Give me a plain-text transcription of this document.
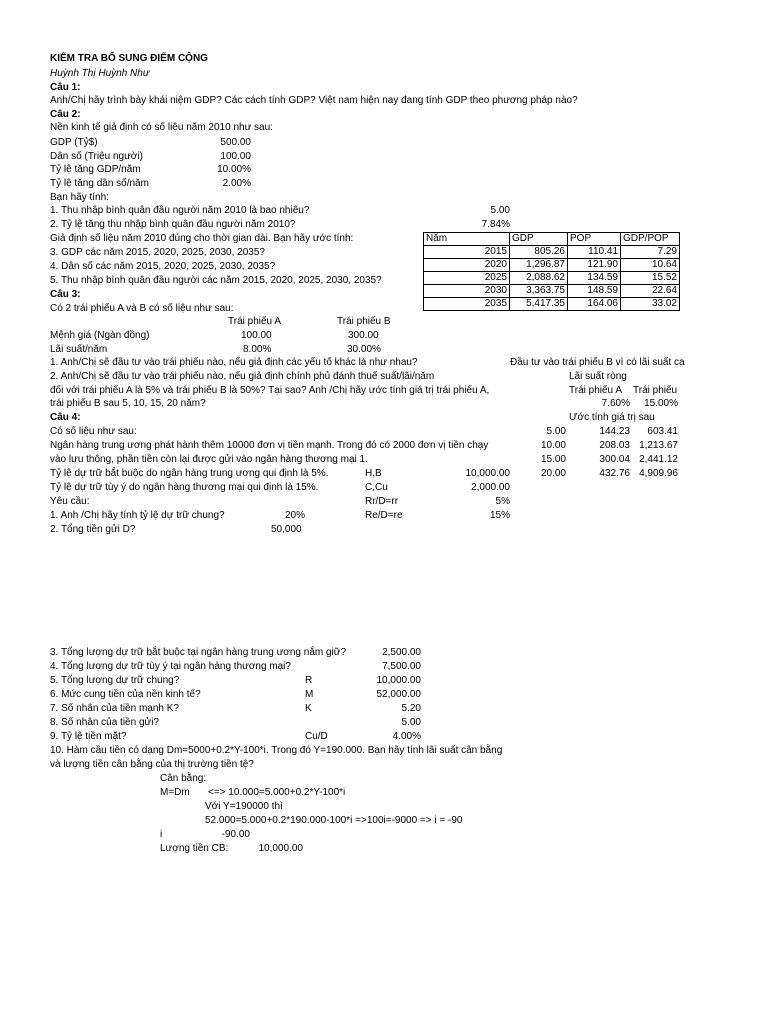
KIỂM TRA BỔ SUNG ĐIỂM CỘNG
Huỳnh Thị Huỳnh Như
Câu 1:
Anh/Chị hãy trình bày khái niệm GDP? Các cách tính GDP? Việt nam hiện nay đang tính GDP theo phương pháp nào?
Câu 2:
Nền kinh tế giả định có số liệu năm 2010 như sau:
GDP (Tỷ$)	500.00
Dân số (Triệu người)	100.00
Tỷ lệ tăng GDP/năm	10.00%
Tỷ lệ tăng dân số/năm	2.00%
Bạn hãy tính:
1. Thu nhập bình quân đầu người năm 2010 là bao nhiêu?	5.00
2. Tỷ lệ tăng thu nhập bình quân đầu người năm 2010?	7.84%
Giả định số liệu năm 2010 đúng cho thời gian dài. Bạn hãy ước tính:
3. GDP các năm 2015, 2020, 2025, 2030, 2035?
4. Dân số các năm 2015, 2020, 2025, 2030, 2035?
5. Thu nhập bình quân đầu người các năm 2015, 2020, 2025, 2030, 2035?
Năm	GDP	POP	GDP/POP
2015	805.26	110.41	7.29
2020	1,296.87	121.90	10.64
2025	2,088.62	134.59	15.52
2030	3,363.75	148.59	22.64
2035	5,417.35	164.06	33.02
Câu 3:
Có 2 trái phiếu A và B có số liệu như sau:
Trái phiếu A	Trái phiếu B
Mệnh giá (Ngàn đồng)	100.00	300.00
Lãi suất/năm	8.00%	30.00%
1. Anh/Chị sẽ đầu tư vào trái phiếu nào, nếu giả định các yếu tố khác là như nhau?	Đầu tư vào trái phiếu B vì có lãi suất ca
2. Anh/Chị sẽ đầu tư vào trái phiếu nào, nếu giả định chính phủ đánh thuế suất/lãi/năm	Lãi suất ròng
đối với trái phiếu A là 5% và trái phiếu B là 50%? Tại sao? Anh /Chị hãy ước tính giá trị trái phiếu A,	Trái phiếu A Trái phiếu
trái phiếu B sau 5, 10, 15, 20 năm?	7.60%	15.00%
Câu 4:	Ước tính giá trị sau
Có số liệu như sau:	5.00	144.23	603.41
10.00	208.03 1,213.67
15.00	300.04 2,441.12
20.00	432.76 4,909.96
Ngân hàng trung ương phát hành thêm 10000 đơn vị tiền mạnh. Trong đó có 2000 đơn vị tiền chạy
vào lưu thông, phần tiền còn lại được gửi vào ngân hàng thương mại 1.
Tỷ lệ dự trữ bắt buộc do ngân hàng trung ương qui định là 5%.
Tỷ lệ dự trữ tùy ý do ngân hàng thương mại qui định là 15%.
Yêu cầu:
H,B	10,000.00
C,Cu	2,000.00
Rr/D=rr	5%
Re/D=re	15%
1. Anh /Chị hãy tính tỷ lệ dự trữ chung?	20%
2. Tổng tiền gửi D?	50,000
3. Tổng lượng dự trữ bắt buộc tại ngân hàng trung ương nắm giữ?	2,500.00
4. Tổng lượng dự trữ tùy ý tại ngân hàng thương mại?	7,500.00
5. Tổng lượng dự trữ chung?	R	10,000.00
6. Mức cung tiền của nền kinh tế?	M	52,000.00
7. Số nhân của tiền mạnh K?	K	5.20
8. Số nhân của tiền gửi?	5.00
9. Tỷ lệ tiền mặt?	Cu/D	4.00%
10. Hàm cầu tiền có dạng Dm=5000+0.2*Y-100*i. Trong đó Y=190.000. Bạn hãy tính lãi suất cân bằng
và lượng tiền cân bằng của thị trường tiền tệ?
Cân bằng:
M=Dm <=> 10.000=5.000+0.2*Y-100*i
Với Y=190000 thì
52.000=5.000+0.2*190.000-100*i =>100i=-9000 => i = -90
i	-90.00
Lượng tiền CB:	10,000.00
